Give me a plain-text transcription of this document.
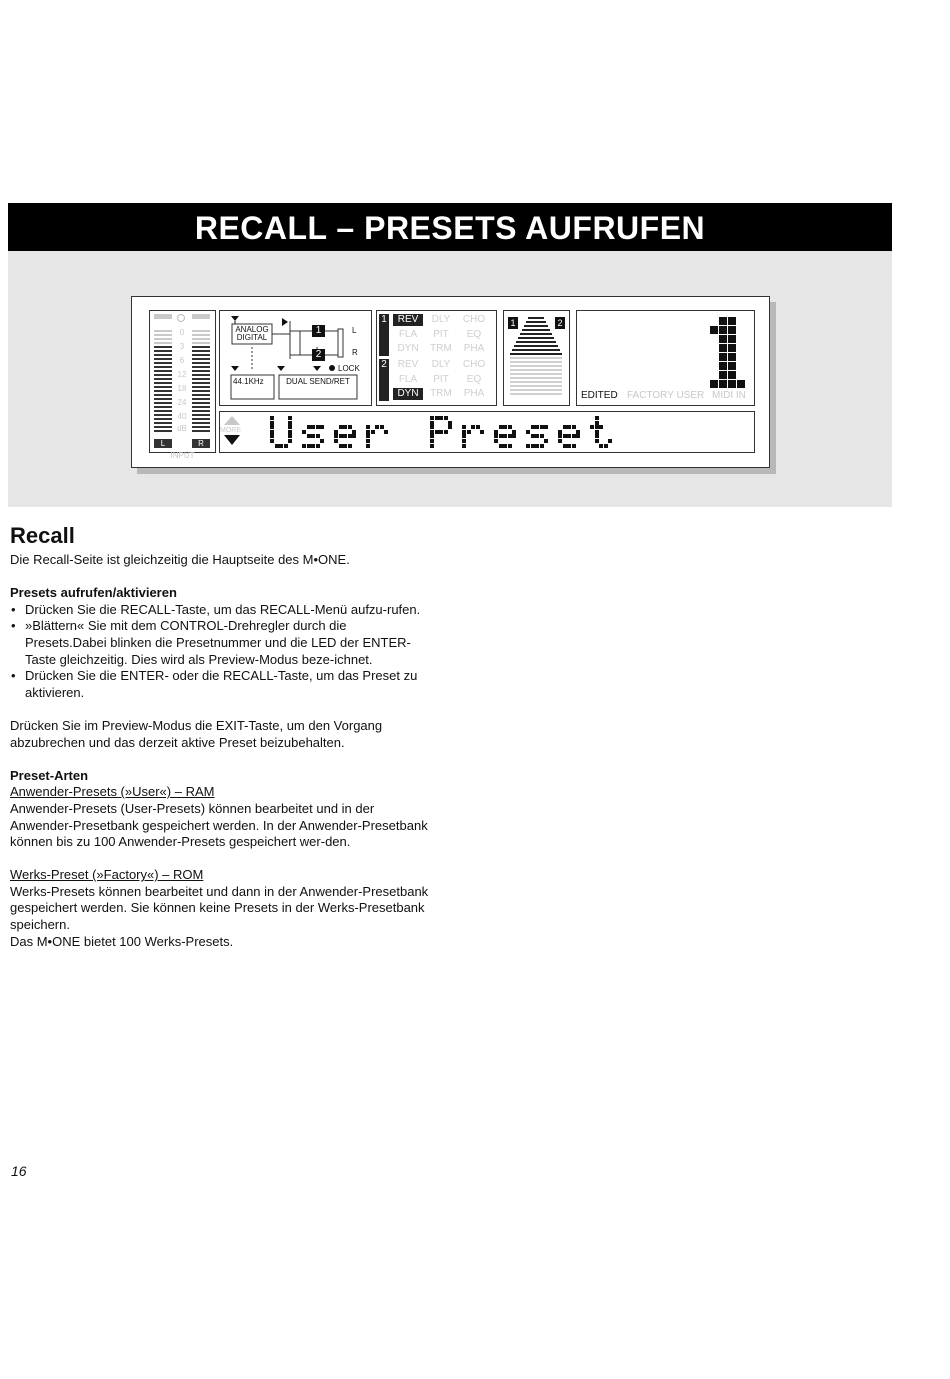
RECALL – PRESETS AUFRUFEN
0
3
6
12
18
24
40
dB
L	R
INPUT
ANALOG
DIGITAL
1
2
L
R
LOCK
44.1KHz	DUAL SEND/RET
1
2
REV	DLY	CHO
FLA	PIT	EQ
DYN	TRM	PHA
REV	DLY	CHO
FLA	PIT	EQ
DYN	TRM	PHA
1	2
EDITED FACTORY USER MIDI IN
MORE
Recall

Die Recall-Seite ist gleichzeitig die Hauptseite des M•ONE.

Presets aufrufen/aktivieren

• Drücken Sie die RECALL-Taste, um das RECALL-Menü aufzu-rufen.

• »Blättern« Sie mit dem CONTROL-Drehregler durch die Presets.Dabei blinken die Presetnummer und die LED der ENTER-Taste gleichzeitig. Dies wird als Preview-Modus beze-ichnet.

• Drücken Sie die ENTER- oder die RECALL-Taste, um das Preset zu aktivieren.

Drücken Sie im Preview-Modus die EXIT-Taste, um den Vorgang abzubrechen und das derzeit aktive Preset beizubehalten.

Preset-Arten

Anwender-Presets (»User«) – RAM

Anwender-Presets (User-Presets) können bearbeitet und in der Anwender-Presetbank gespeichert werden. In der Anwender-Presetbank können bis zu 100 Anwender-Presets gespeichert wer-den.

Werks-Preset (»Factory«) – ROM

Werks-Presets können bearbeitet und dann in der Anwender-Presetbank gespeichert werden. Sie können keine Presets in der Werks-Presetbank speichern.

Das M•ONE bietet 100 Werks-Presets.

16
